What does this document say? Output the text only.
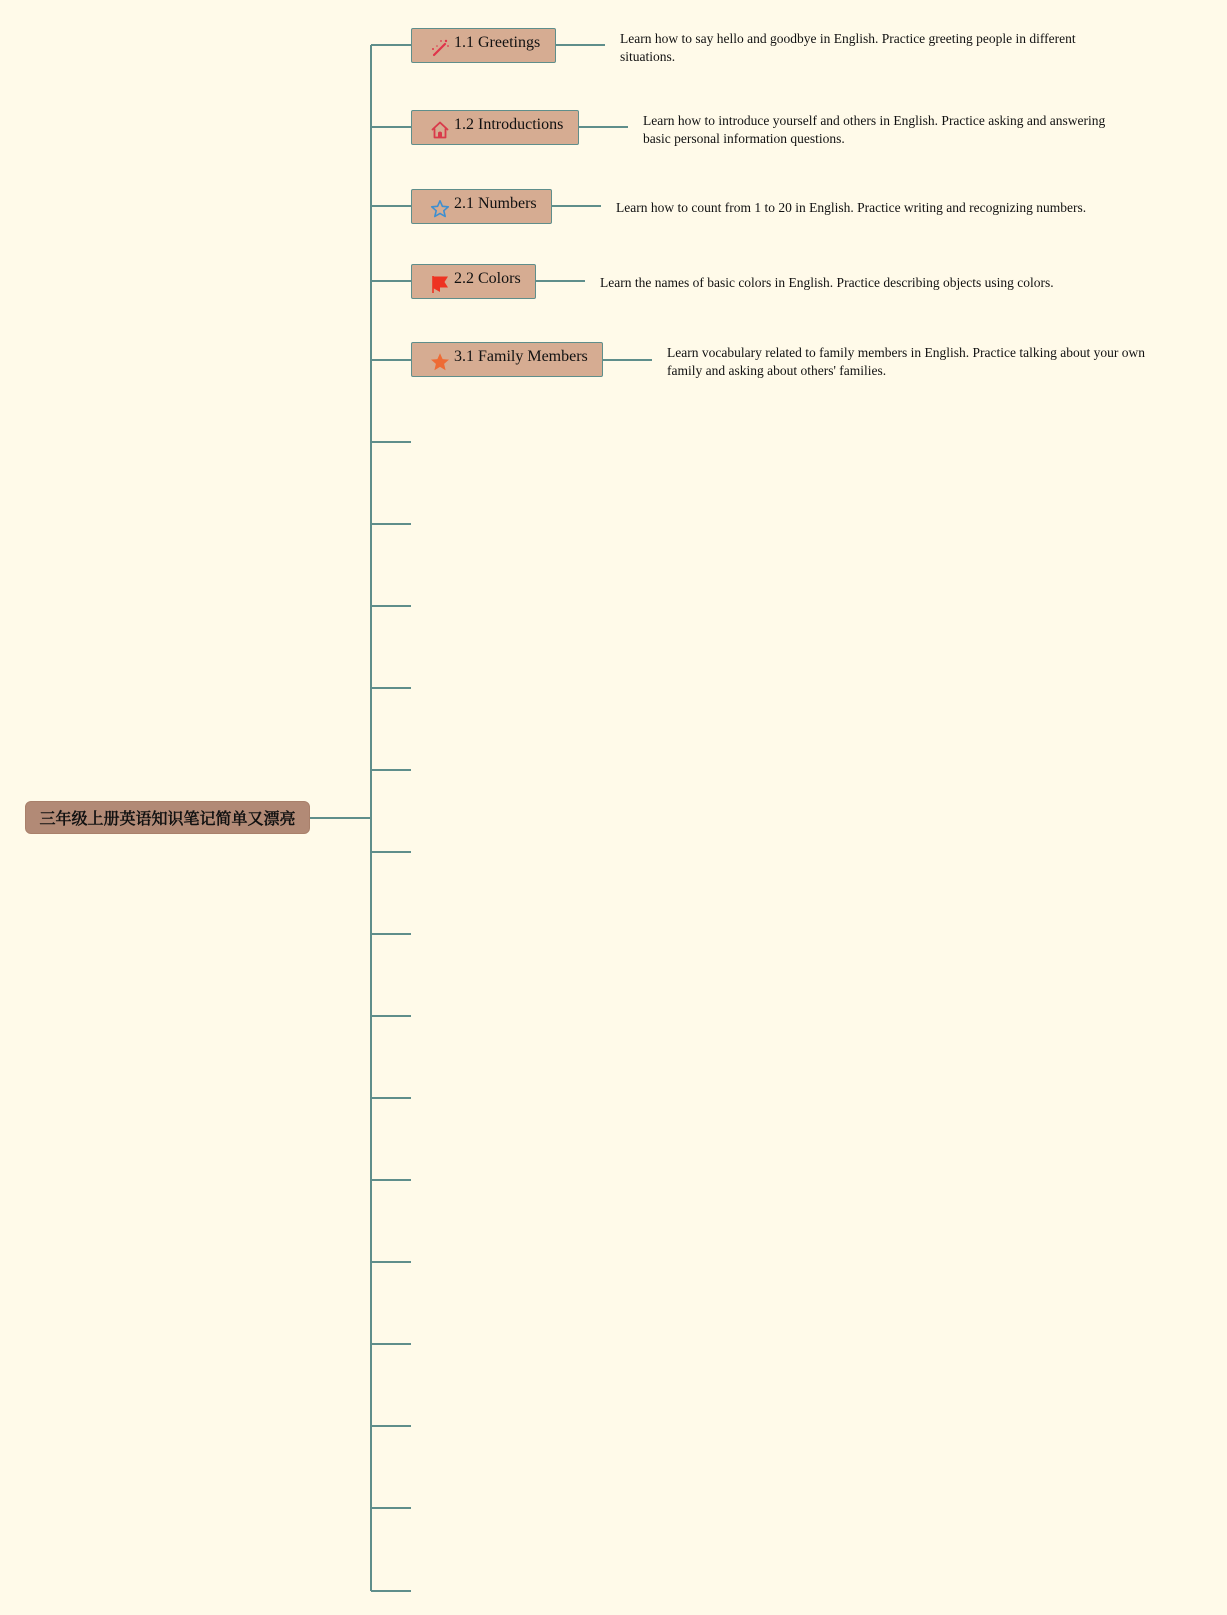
三年级上册英语知识笔记简单又漂亮
1.1 Greetings	Learn how to say hello and goodbye in English. Practice greeting people in different situations.
1.2 Introductions	Learn how to introduce yourself and others in English. Practice asking and answering basic personal information questions.
2.1 Numbers	Learn how to count from 1 to 20 in English. Practice writing and recognizing numbers.
2.2 Colors	Learn the names of basic colors in English. Practice describing objects using colors.
3.1 Family Members	Learn vocabulary related to family members in English. Practice talking about your own family and asking about others' families.
